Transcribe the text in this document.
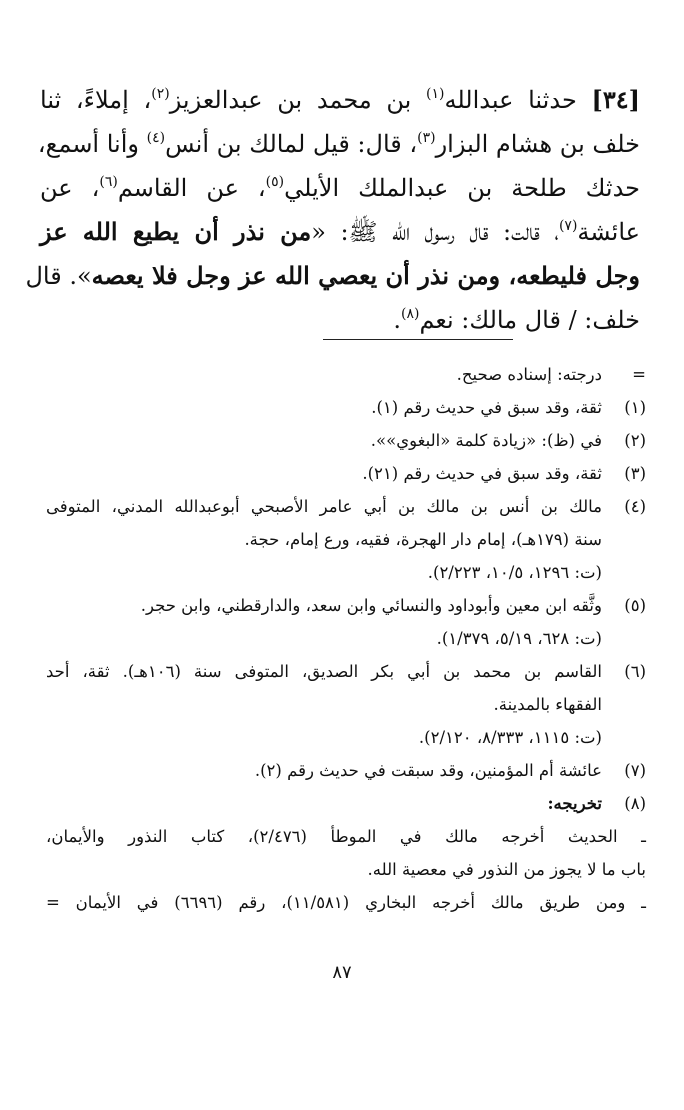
[٣٤] حدثنا عبدالله$^{(١)}$ بن محمد بن عبدالعزيز$^{(٢)}$، إملاءً، ثنا
خلف بن هشام البزار$^{(٣)}$، قال: قيل لمالك بن أنس$^{(٤)}$ وأنا أسمع،
حدثك طلحة بن عبدالملك الأيلي$^{(٥)}$، عن القاسم$^{(٦)}$، عن
عائشة$^{(٧)}$، قالت: قال رسول الله ﷺ: «من نذر أن يطيع الله عز
وجل فليطعه، ومن نذر أن يعصي الله عز وجل فلا يعصه». قال
خلف: / قال مالك: نعم$^{(٨)}$.
=
درجته: إسناده صحيح.
(١)
ثقة، وقد سبق في حديث رقم (١).
(٢)
في (ظ): «زيادة كلمة «البغوي»».
(٣)
ثقة، وقد سبق في حديث رقم (٢١).
(٤)
مالك بن أنس بن مالك بن أبي عامر الأصبحي أبوعبدالله المدني، المتوفى
سنة (١٧٩هـ)، إمام دار الهجرة، فقيه، ورع إمام، حجة.
(ت: ١٢٩٦، ١٠/٥، ٢/٢٢٣).
(٥)
وثَّقه ابن معين وأبوداود والنسائي وابن سعد، والدارقطني، وابن حجر.
(ت: ٦٢٨، ٥/١٩، ١/٣٧٩).
(٦)
القاسم بن محمد بن أبي بكر الصديق، المتوفى سنة (١٠٦هـ). ثقة، أحد
الفقهاء بالمدينة.
(ت: ١١١٥، ٨/٣٣٣، ٢/١٢٠).
(٧)
عائشة أم المؤمنين، وقد سبقت في حديث رقم (٢).
(٨)
تخريجه:
ـ الحديث أخرجه مالك في الموطأ (٢/٤٧٦)، كتاب النذور والأيمان،
باب ما لا يجوز من النذور في معصية الله.
ـ ومن طريق مالك أخرجه البخاري (١١/٥٨١)، رقم (٦٦٩٦) في الأيمان =
٨٧
